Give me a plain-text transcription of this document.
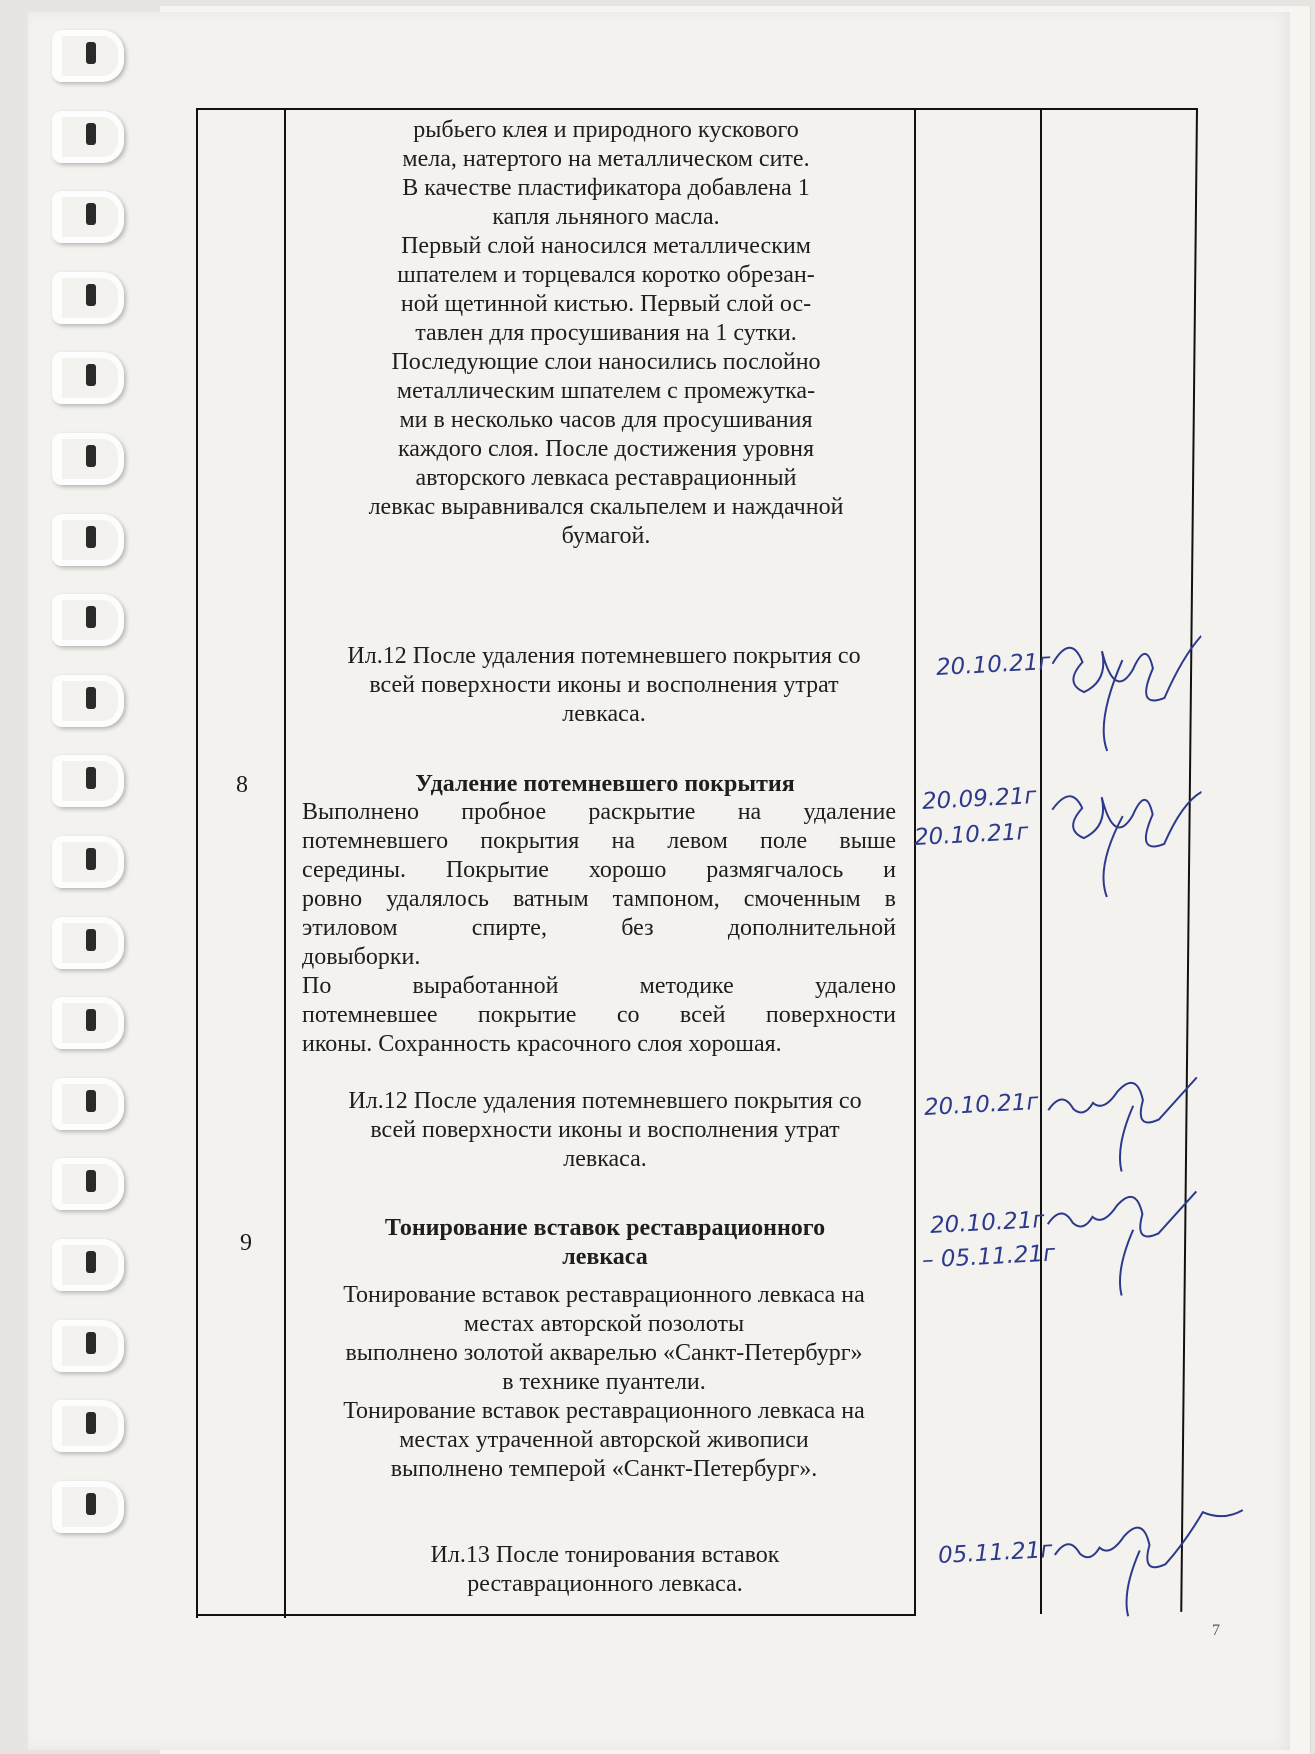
рыбьего клея и природного кускового
мела, натертого на металлическом сите.
В качестве пластификатора добавлена 1
капля льняного масла.
Первый слой наносился металлическим
шпателем и торцевался коротко обрезан-
ной щетинной кистью. Первый слой ос-
тавлен для просушивания на 1 сутки.
Последующие слои наносились послойно
металлическим шпателем с промежутка-
ми в несколько часов для просушивания
каждого слоя. После достижения уровня
авторского левкаса реставрационный
левкас выравнивался скальпелем и наждачной
бумагой.
Ил.12 После удаления потемневшего покрытия со
всей поверхности иконы и восполнения утрат
левкаса.
8	Удаление потемневшего покрытия
Выполнено пробное раскрытие на удаление
потемневшего покрытия на левом поле выше
середины. Покрытие хорошо размягчалось и
ровно удалялось ватным тампоном, смоченным в
этиловом спирте, без дополнительной
довыборки.
По выработанной методике удалено
потемневшее покрытие со всей поверхности
иконы. Сохранность красочного слоя хорошая.
Ил.12 После удаления потемневшего покрытия со
всей поверхности иконы и восполнения утрат
левкаса.
9
Тонирование вставок реставрационного
левкаса
Тонирование вставок реставрационного левкаса на
местах авторской позолоты
выполнено золотой акварелью «Санкт-Петербург»
в технике пуантели.
Тонирование вставок реставрационного левкаса на
местах утраченной авторской живописи
выполнено темперой «Санкт-Петербург».
Ил.13 После тонирования вставок
реставрационного левкаса.
20.10.21г
20.09.21г
20.10.21г
20.10.21г
20.10.21г
– 05.11.21г
05.11.21г
7
